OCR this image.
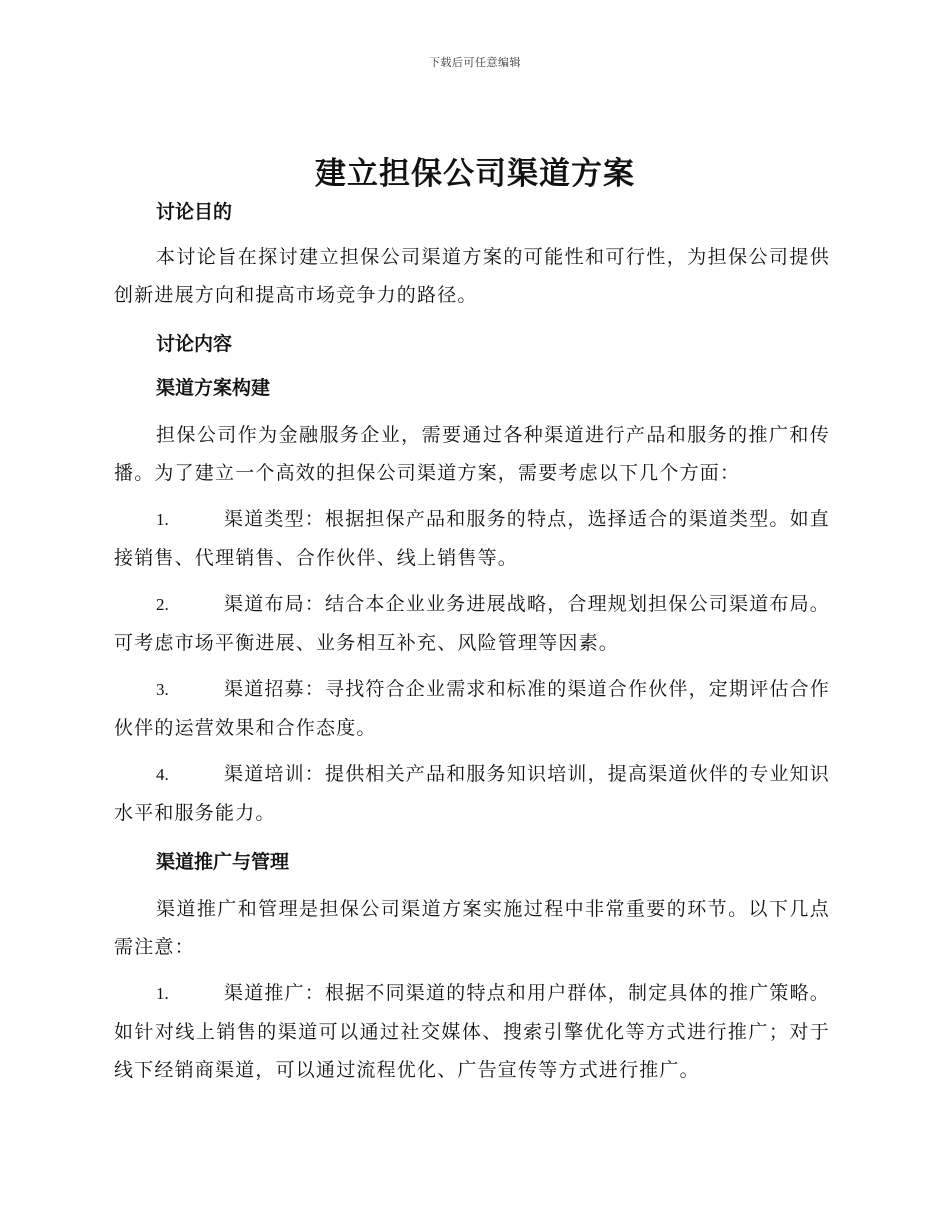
下载后可任意编辑
建立担保公司渠道方案
讨论目的

本讨论旨在探讨建立担保公司渠道方案的可能性和可行性，为担保公司提供创新进展方向和提高市场竞争力的路径。

讨论内容
渠道方案构建

担保公司作为金融服务企业，需要通过各种渠道进行产品和服务的推广和传播。为了建立一个高效的担保公司渠道方案，需要考虑以下几个方面：

1.	渠道类型：根据担保产品和服务的特点，选择适合的渠道类型。如直接销售、代理销售、合作伙伴、线上销售等。

2.	渠道布局：结合本企业业务进展战略，合理规划担保公司渠道布局。可考虑市场平衡进展、业务相互补充、风险管理等因素。

3.	渠道招募：寻找符合企业需求和标准的渠道合作伙伴，定期评估合作伙伴的运营效果和合作态度。

4.	渠道培训：提供相关产品和服务知识培训，提高渠道伙伴的专业知识水平和服务能力。

渠道推广与管理

渠道推广和管理是担保公司渠道方案实施过程中非常重要的环节。以下几点需注意：

1.	渠道推广：根据不同渠道的特点和用户群体，制定具体的推广策略。如针对线上销售的渠道可以通过社交媒体、搜索引擎优化等方式进行推广；对于线下经销商渠道，可以通过流程优化、广告宣传等方式进行推广。
